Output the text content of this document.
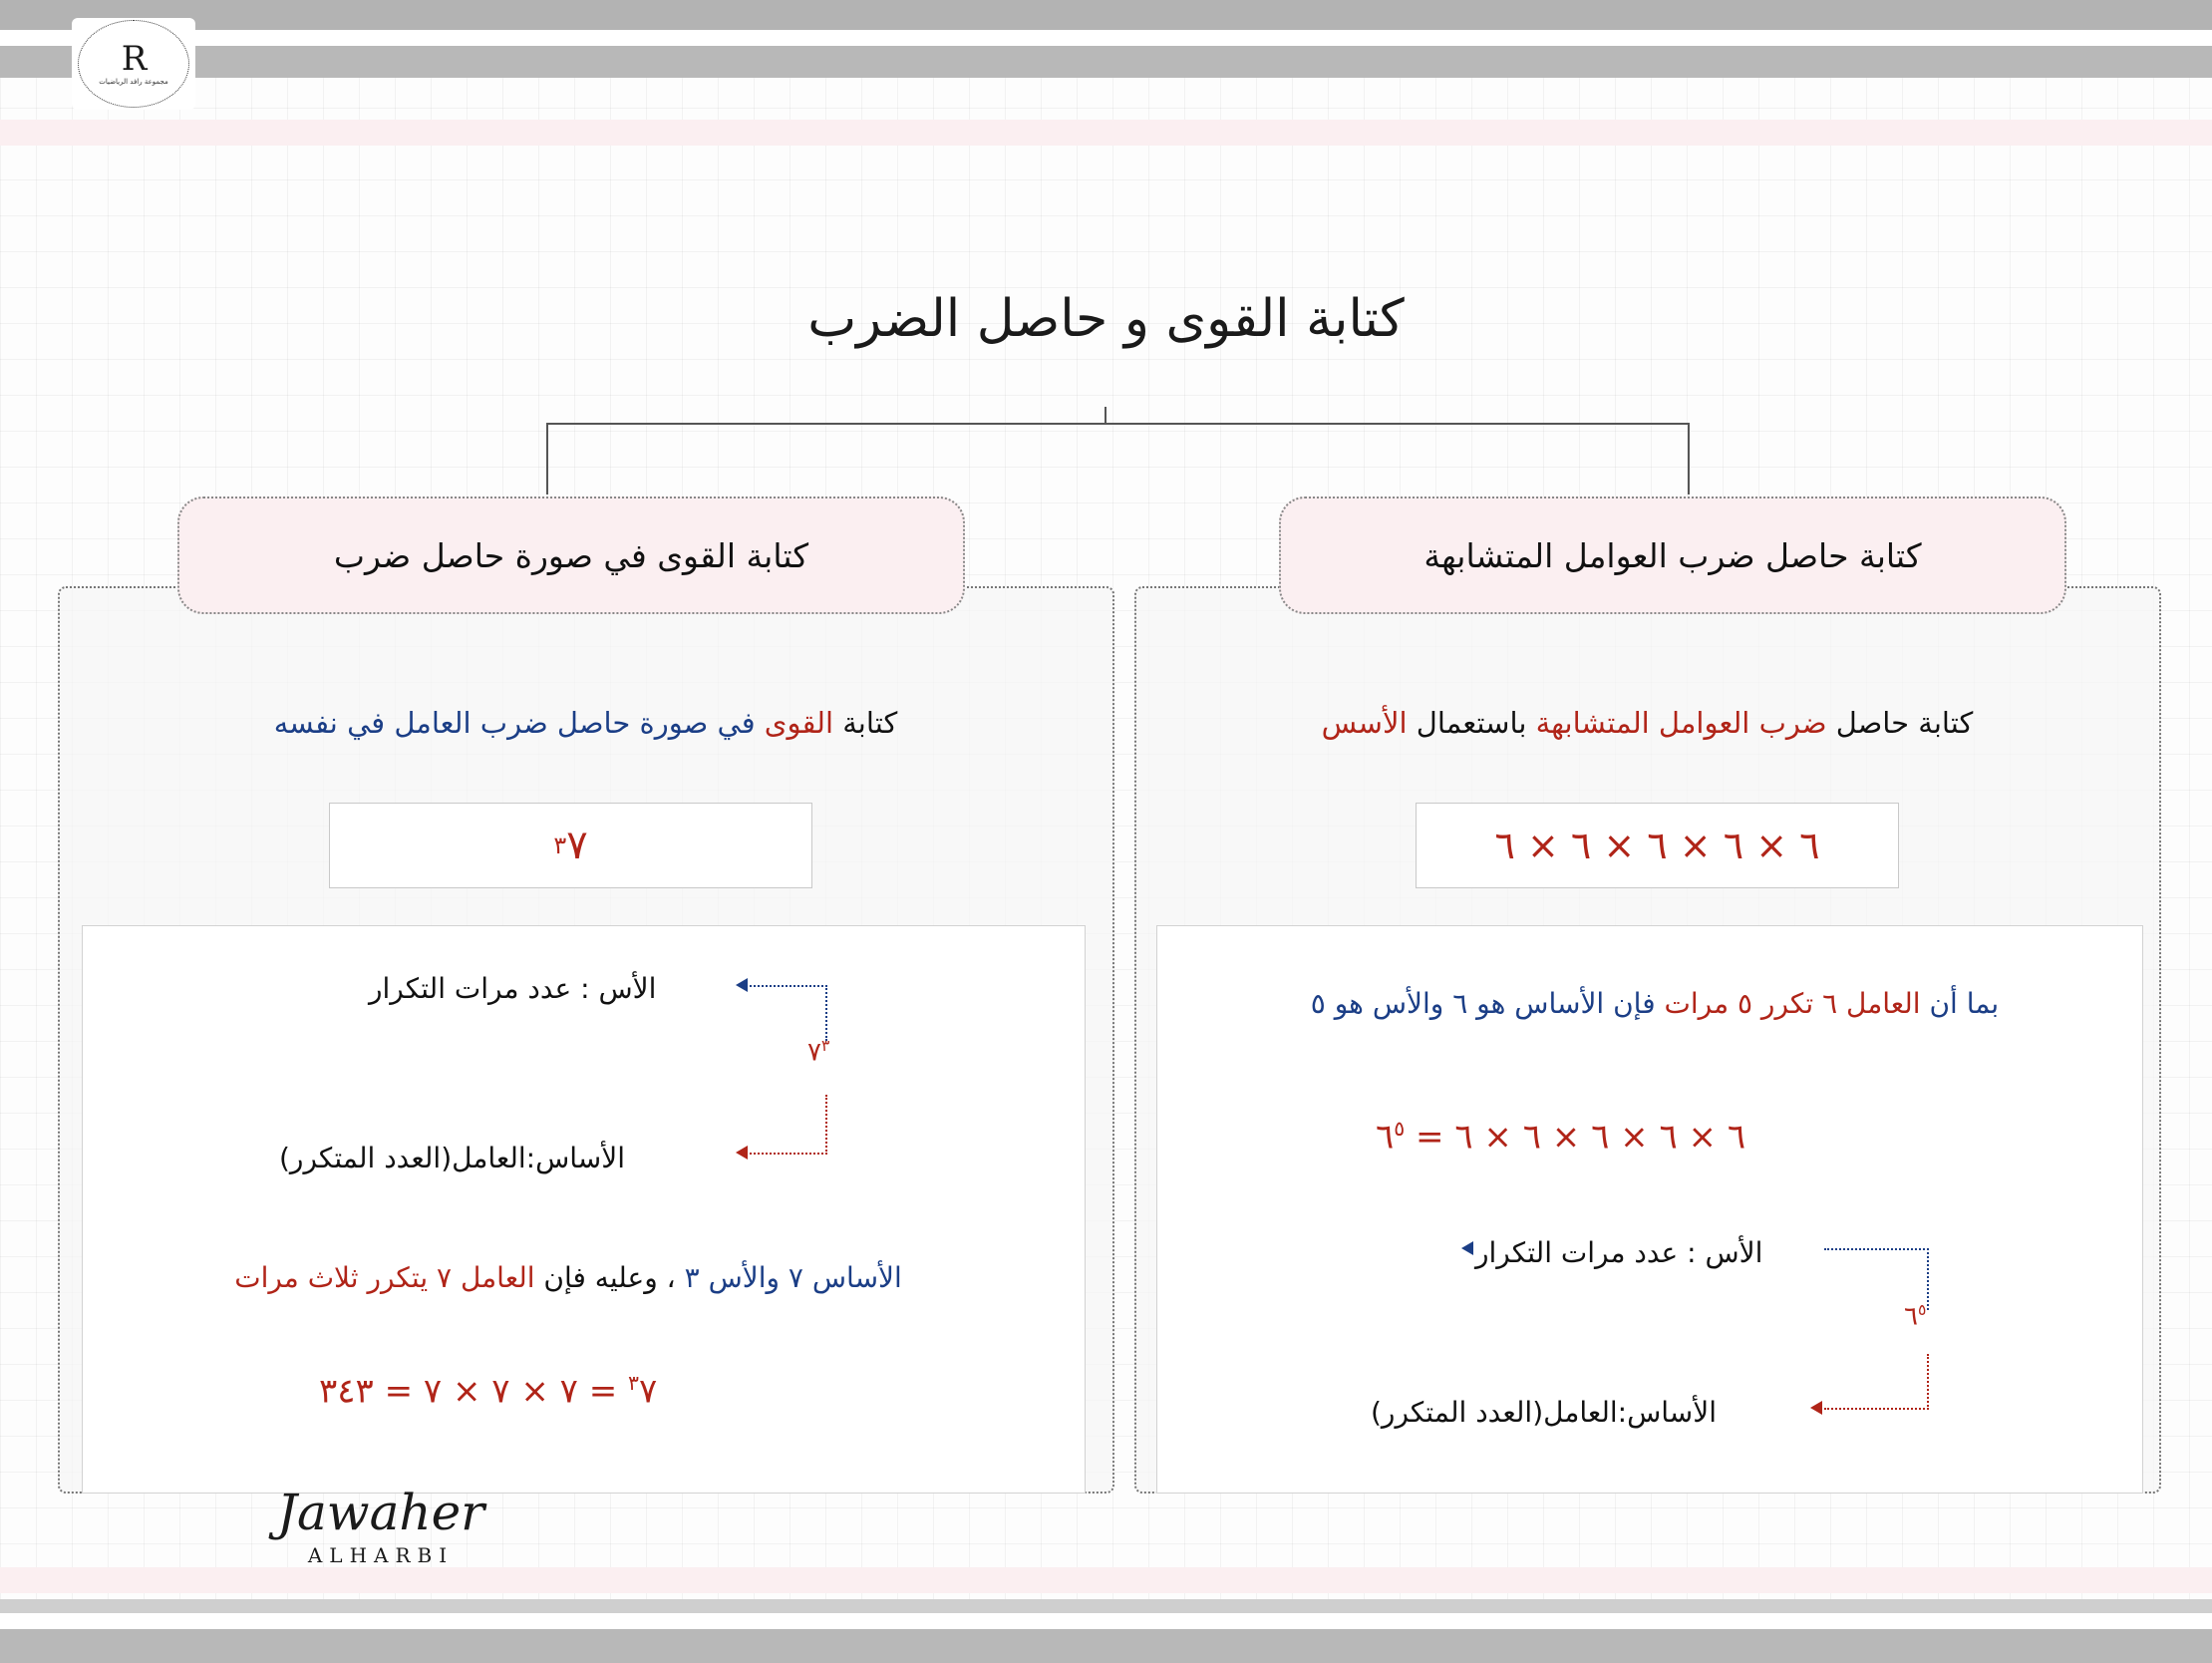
R
مجموعة رافد الرياضيات
كتابة القوى و حاصل الضرب
كتابة حاصل ضرب العوامل المتشابهة
كتابة حاصل ضرب العوامل المتشابهة باستعمال الأسس
٦ × ٦ × ٦ × ٦ × ٦
بما أن العامل ٦ تكرر ٥ مرات فإن الأساس هو ٦ والأس هو ٥
٦ × ٦ × ٦ × ٦ × ٦ = $٦^٥$
الأس : عدد مرات التكرار
$٦^٥$
الأساس:العامل(العدد المتكرر)
كتابة القوى في صورة حاصل ضرب
كتابة القوى في صورة حاصل ضرب العامل في نفسه
٧
٣
الأس : عدد مرات التكرار
$٧^٣$
الأساس:العامل(العدد المتكرر)
الأساس ٧ والأس ٣ ، وعليه فإن العامل ٧ يتكرر ثلاث مرات
$^٣$٧ = ٧ × ٧ × ٧ = ٣٤٣
Jawaher
ALHARBI
